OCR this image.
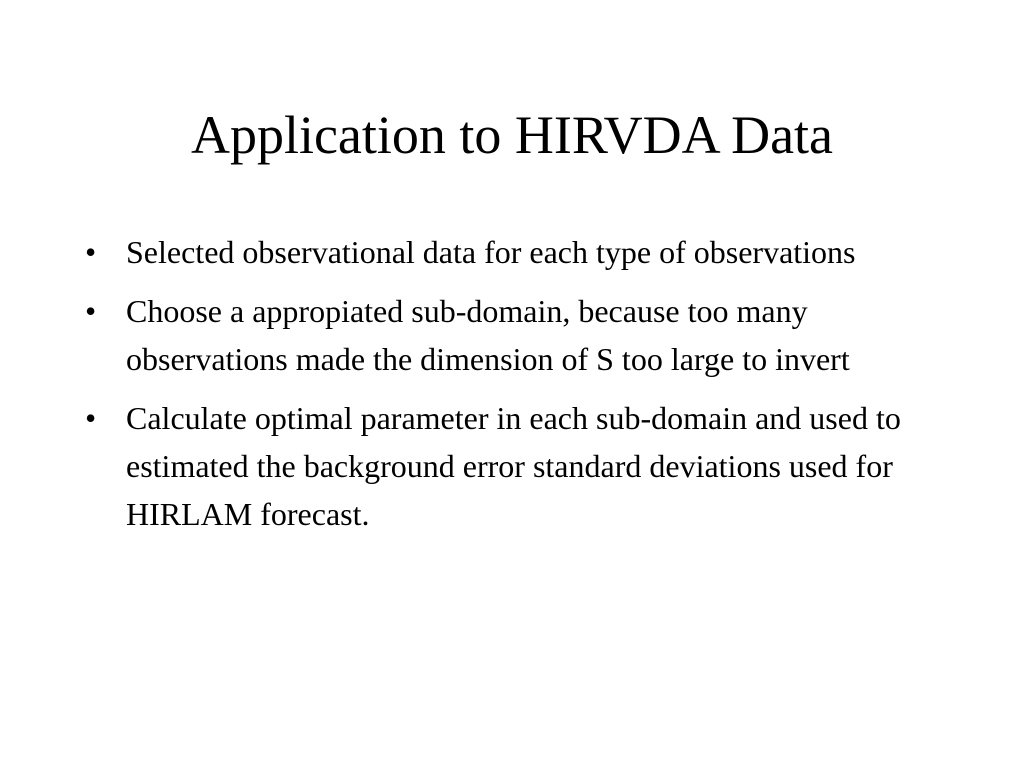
Application to HIRVDA Data
• Selected observational data for each type of observations
• Choose a appropiated sub-domain, because too many observations made the dimension of S too large to invert
• Calculate optimal parameter in each sub-domain and used to estimated the background error standard deviations used for HIRLAM forecast.
